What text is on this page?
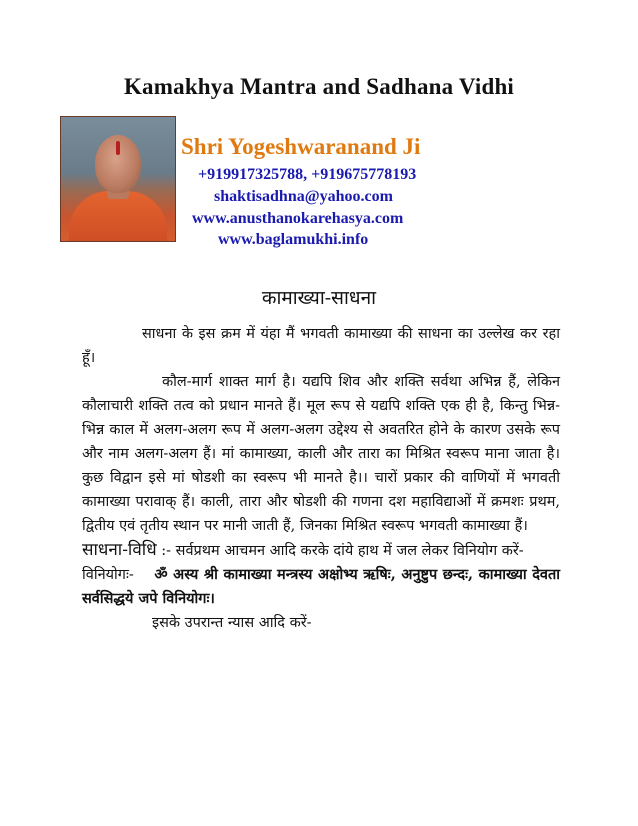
Kamakhya Mantra and Sadhana Vidhi
Shri Yogeshwaranand Ji
+919917325788, +919675778193
shaktisadhna@yahoo.com
www.anusthanokarehasya.com
www.baglamukhi.info
कामाख्या-साधना

साधना के इस क्रम में यंहा मैं भगवती कामाख्या की साधना का उल्लेख कर रहा हूँ।

कौल-मार्ग शाक्त मार्ग है। यद्यपि शिव और शक्ति सर्वथा अभिन्न हैं, लेकिन कौलाचारी शक्ति तत्व को प्रधान मानते हैं। मूल रूप से यद्यपि शक्ति एक ही है, किन्तु भिन्न-भिन्न काल में अलग-अलग रूप में अलग-अलग उद्देश्य से अवतरित होने के कारण उसके रूप और नाम अलग-अलग हैं। मां कामाख्या, काली और तारा का मिश्रित स्वरूप माना जाता है। कुछ विद्वान इसे मां षोडशी का स्वरूप भी मानते है।। चारों प्रकार की वाणियों में भगवती कामाख्या परावाक् हैं। काली, तारा और षोडशी की गणना दश महाविद्याओं में क्रमशः प्रथम, द्वितीय एवं तृतीय स्थान पर मानी जाती हैं, जिनका मिश्रित स्वरूप भगवती कामाख्या हैं।

साधना-विधि :- सर्वप्रथम आचमन आदि करके दांये हाथ में जल लेकर विनियोग करें-

विनियोगः- ॐ अस्य श्री कामाख्या मन्त्रस्य अक्षोभ्य ऋषिः, अनुष्टुप छन्दः, कामाख्या देवता सर्वसिद्धये जपे विनियोगः।

इसके उपरान्त न्यास आदि करें-
